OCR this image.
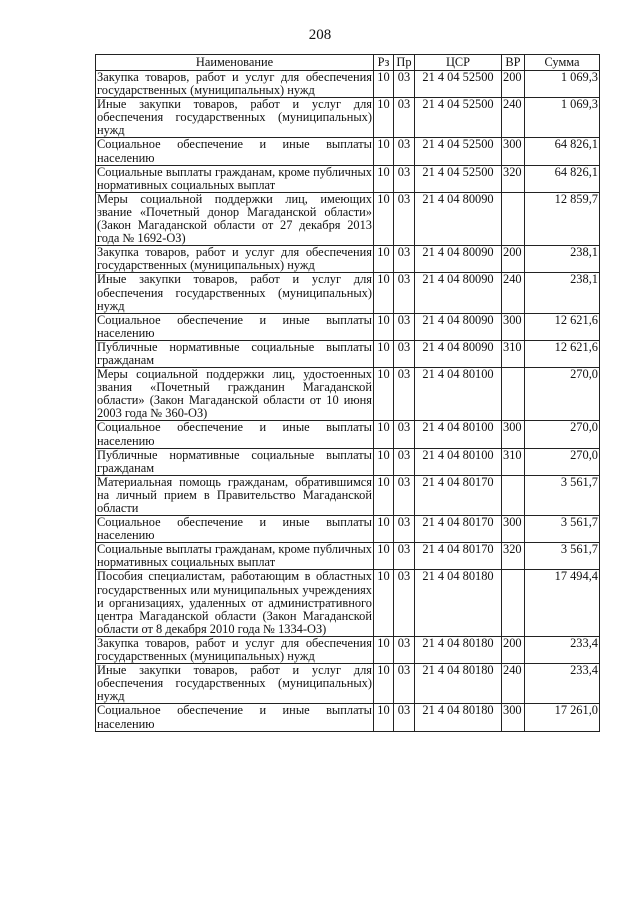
208
Наименование	Рз	Пр	ЦСР	ВР	Сумма
Закупка товаров, работ и услуг для обеспечения государственных (муниципальных) нужд	10	03	21 4 04 52500	200	1 069,3
Иные закупки товаров, работ и услуг для обеспечения государственных (муниципальных) нужд	10	03	21 4 04 52500	240	1 069,3
Социальное обеспечение и иные выплаты населению	10	03	21 4 04 52500	300	64 826,1
Социальные выплаты гражданам, кроме публичных нормативных социальных выплат	10	03	21 4 04 52500	320	64 826,1
Меры социальной поддержки лиц, имеющих звание «Почетный донор Магаданской области» (Закон Магаданской области от 27 декабря 2013 года № 1692-ОЗ)	10	03	21 4 04 80090		12 859,7
Закупка товаров, работ и услуг для обеспечения государственных (муниципальных) нужд	10	03	21 4 04 80090	200	238,1
Иные закупки товаров, работ и услуг для обеспечения государственных (муниципальных) нужд	10	03	21 4 04 80090	240	238,1
Социальное обеспечение и иные выплаты населению	10	03	21 4 04 80090	300	12 621,6
Публичные нормативные социальные выплаты гражданам	10	03	21 4 04 80090	310	12 621,6
Меры социальной поддержки лиц, удостоенных звания «Почетный гражданин Магаданской области» (Закон Магаданской области от 10 июня 2003 года № 360-ОЗ)	10	03	21 4 04 80100		270,0
Социальное обеспечение и иные выплаты населению	10	03	21 4 04 80100	300	270,0
Публичные нормативные социальные выплаты гражданам	10	03	21 4 04 80100	310	270,0
Материальная помощь гражданам, обратившимся на личный прием в Правительство Магаданской области	10	03	21 4 04 80170		3 561,7
Социальное обеспечение и иные выплаты населению	10	03	21 4 04 80170	300	3 561,7
Социальные выплаты гражданам, кроме публичных нормативных социальных выплат	10	03	21 4 04 80170	320	3 561,7
Пособия специалистам, работающим в областных государственных или муниципальных учреждениях и организациях, удаленных от административного центра Магаданской области (Закон Магаданской области от 8 декабря 2010 года № 1334-ОЗ)	10	03	21 4 04 80180		17 494,4
Закупка товаров, работ и услуг для обеспечения государственных (муниципальных) нужд	10	03	21 4 04 80180	200	233,4
Иные закупки товаров, работ и услуг для обеспечения государственных (муниципальных) нужд	10	03	21 4 04 80180	240	233,4
Социальное обеспечение и иные выплаты населению	10	03	21 4 04 80180	300	17 261,0
